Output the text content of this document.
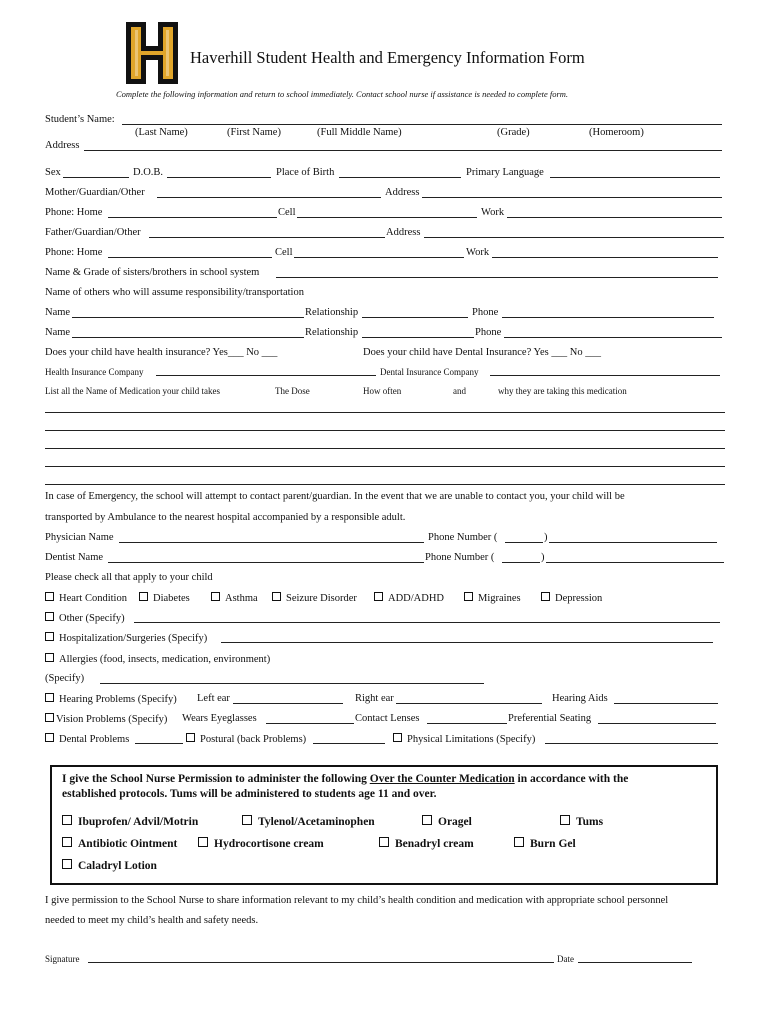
Haverhill Student Health and Emergency Information Form
Complete the following information and return to school immediately. Contact school nurse if assistance is needed to complete form.
Student’s Name:
(Last Name)	(First Name)	(Full Middle Name)	(Grade)	(Homeroom)
Address
Sex	D.O.B.	Place of Birth	Primary Language
Mother/Guardian/Other	Address
Phone: Home	Cell	Work
Father/Guardian/Other	Address
Phone: Home	Cell	Work
Name & Grade of sisters/brothers in school system
Name of others who will assume responsibility/transportation
Name	Relationship	Phone
Name	Relationship	Phone
Does your child have health insurance? Yes___ No ___	Does your child have Dental Insurance? Yes ___ No ___
Health Insurance Company	Dental Insurance Company
List all the Name of Medication your child takes	The Dose	How often	and	why they are taking this medication
In case of Emergency, the school will attempt to contact parent/guardian. In the event that we are unable to contact you, your child will be
transported by Ambulance to the nearest hospital accompanied by a responsible adult.
Physician Name	Phone Number (	)
Dentist Name	Phone Number (	)
Please check all that apply to your child
Heart Condition	Diabetes	Asthma	Seizure Disorder	ADD/ADHD	Migraines	Depression
Other (Specify)
Hospitalization/Surgeries (Specify)
Allergies (food, insects, medication, environment)
(Specify)
Hearing Problems (Specify) Left ear	Right ear	Hearing Aids
Vision Problems (Specify) Wears Eyeglasses	Contact Lenses	Preferential Seating
Dental Problems	Postural (back Problems)	Physical Limitations (Specify)
I give the School Nurse Permission to administer the following Over the Counter Medication in accordance with the
established protocols. Tums will be administered to students age 11 and over.
Ibuprofen/ Advil/Motrin	Tylenol/Acetaminophen	Oragel	Tums
Antibiotic Ointment	Hydrocortisone cream	Benadryl cream	Burn Gel
Caladryl Lotion
I give permission to the School Nurse to share information relevant to my child’s health condition and medication with appropriate school personnel
needed to meet my child’s health and safety needs.
Signature	Date
